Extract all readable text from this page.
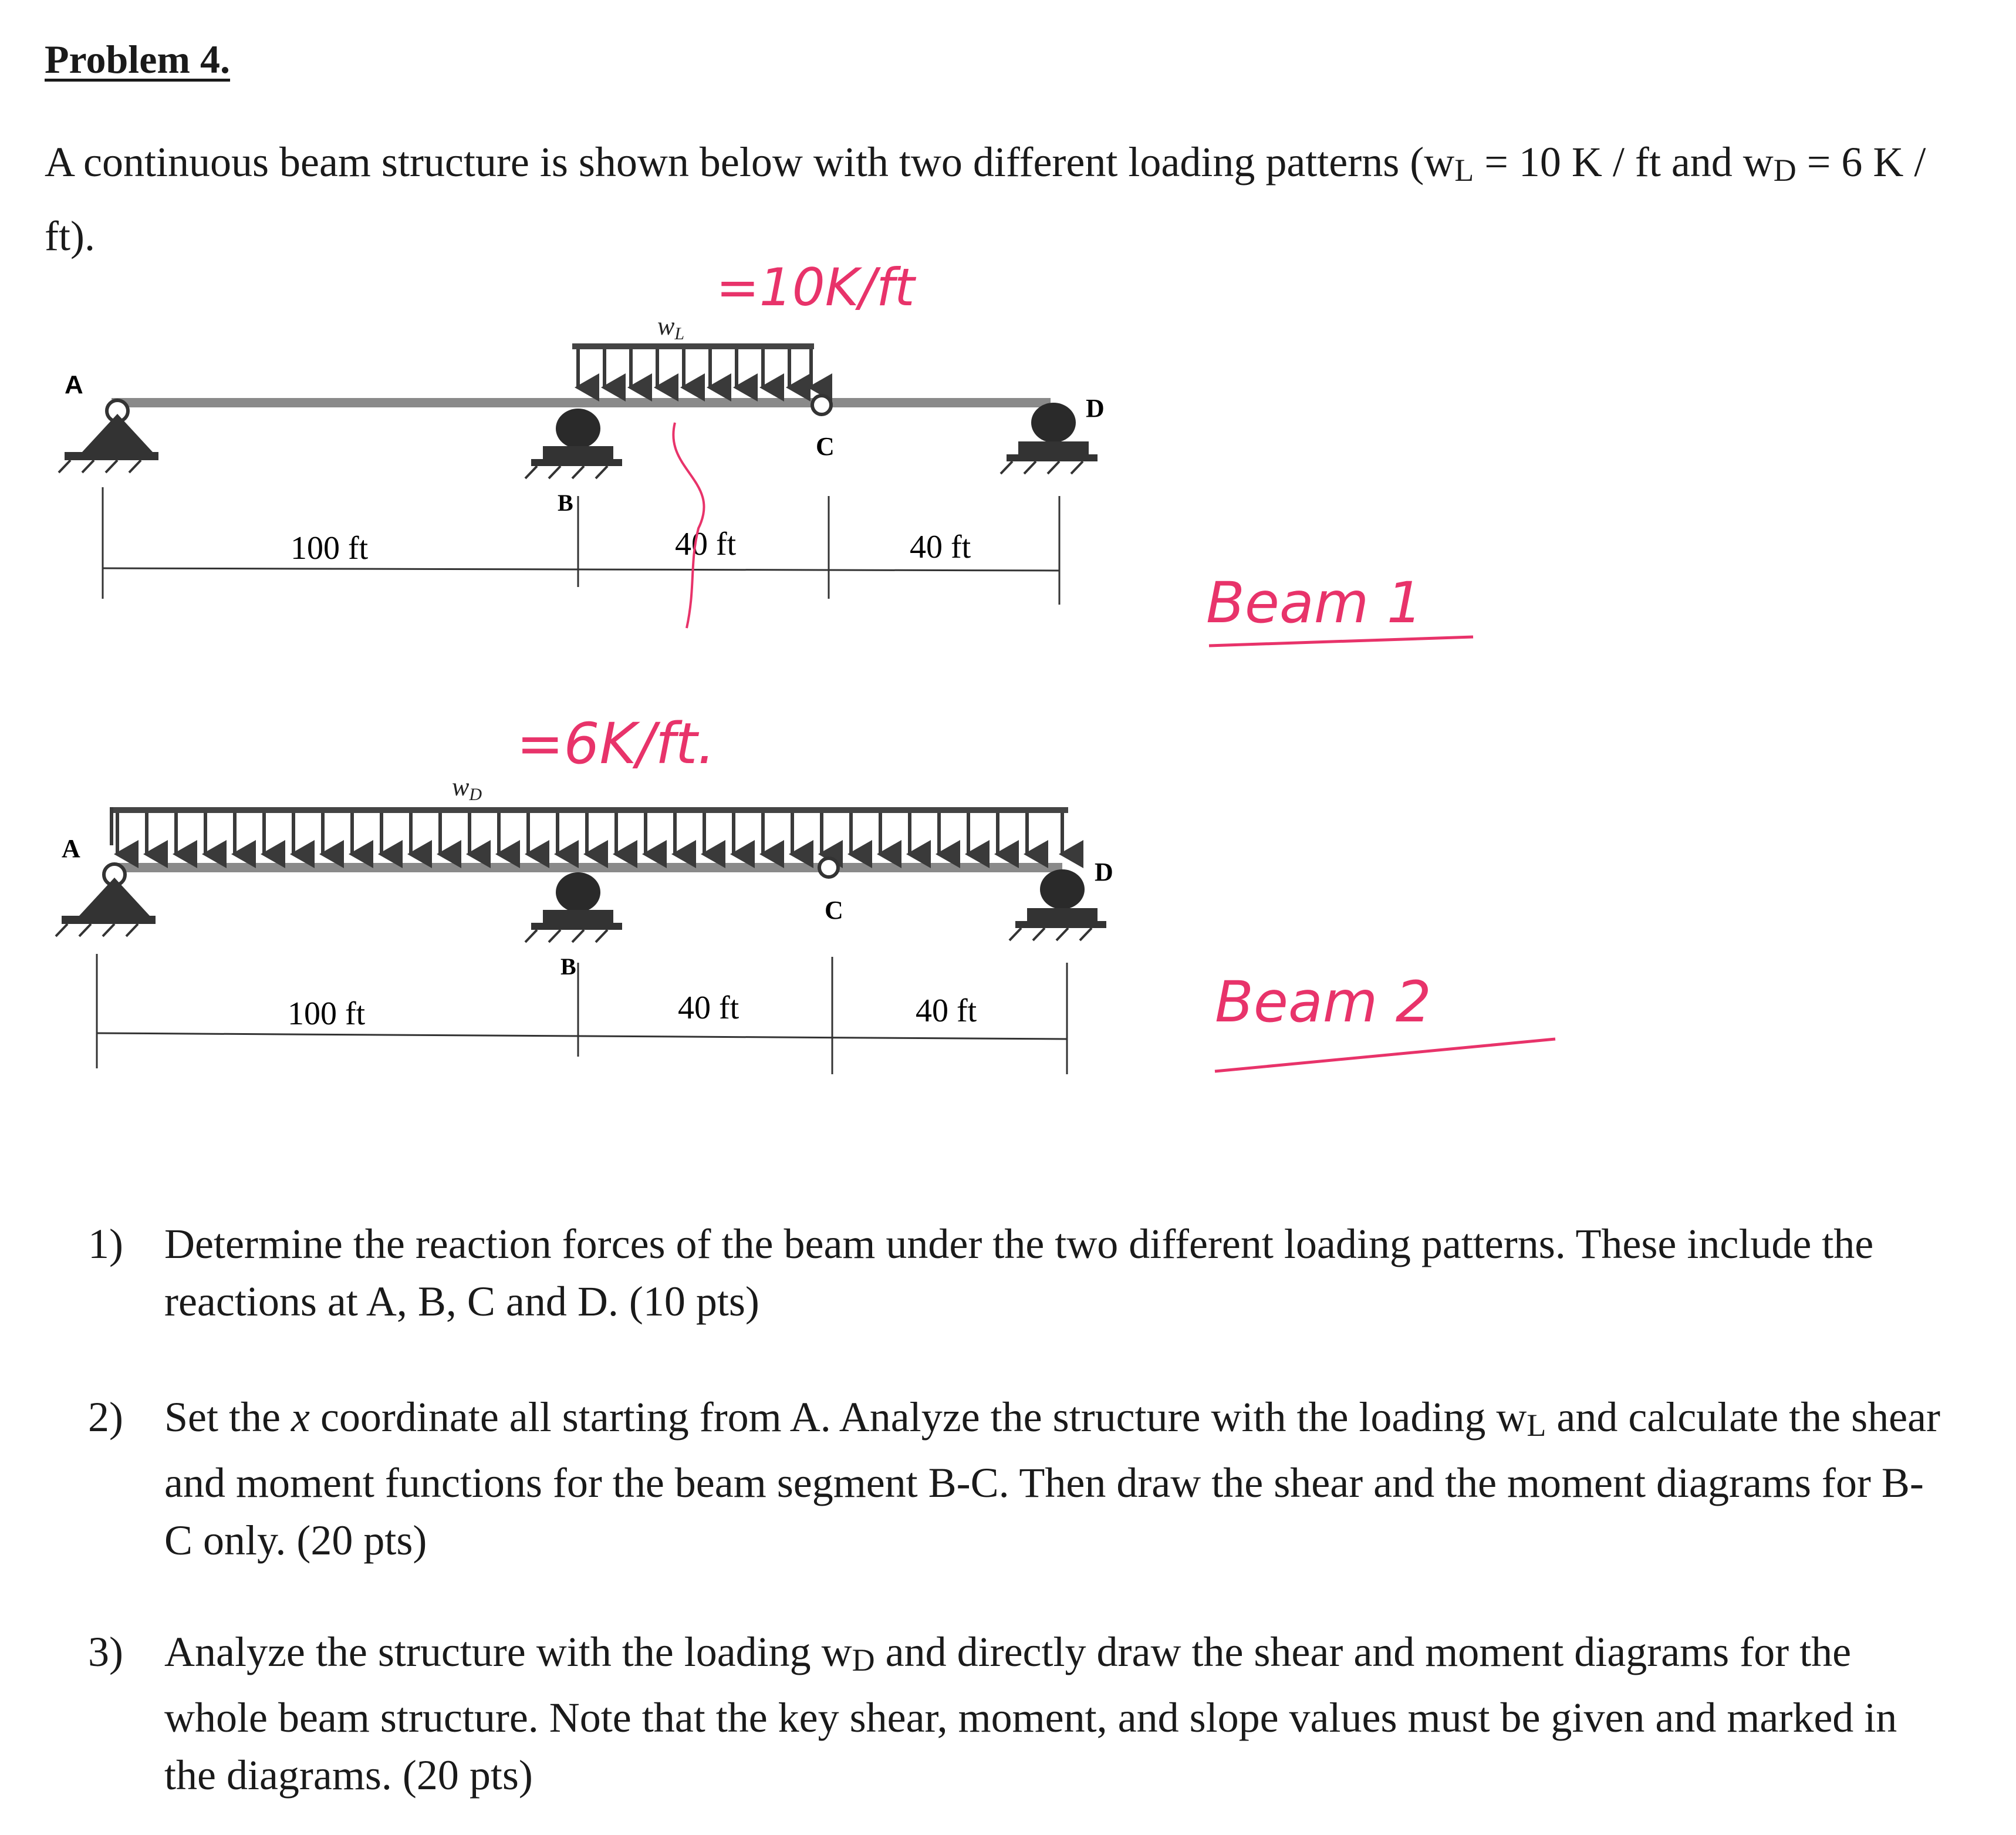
Problem 4.
A continuous beam structure is shown below with two different loading patterns (wL = 10 K / ft and wD = 6 K / ft).
wL
=10K/ft
A
B
C
D
100 ft	40 ft	40 ft
Beam 1
wD
=6K/ft.
A
B
C
D
100 ft	40 ft	40 ft	Beam 2
1) Determine the reaction forces of the beam under the two different loading patterns. These include the reactions at A, B, C and D. (10 pts)
2) Set the x coordinate all starting from A. Analyze the structure with the loading wL and calculate the shear and moment functions for the beam segment B-C. Then draw the shear and the moment diagrams for B-C only. (20 pts)
3) Analyze the structure with the loading wD and directly draw the shear and moment diagrams for the whole beam structure. Note that the key shear, moment, and slope values must be given and marked in the diagrams. (20 pts)
